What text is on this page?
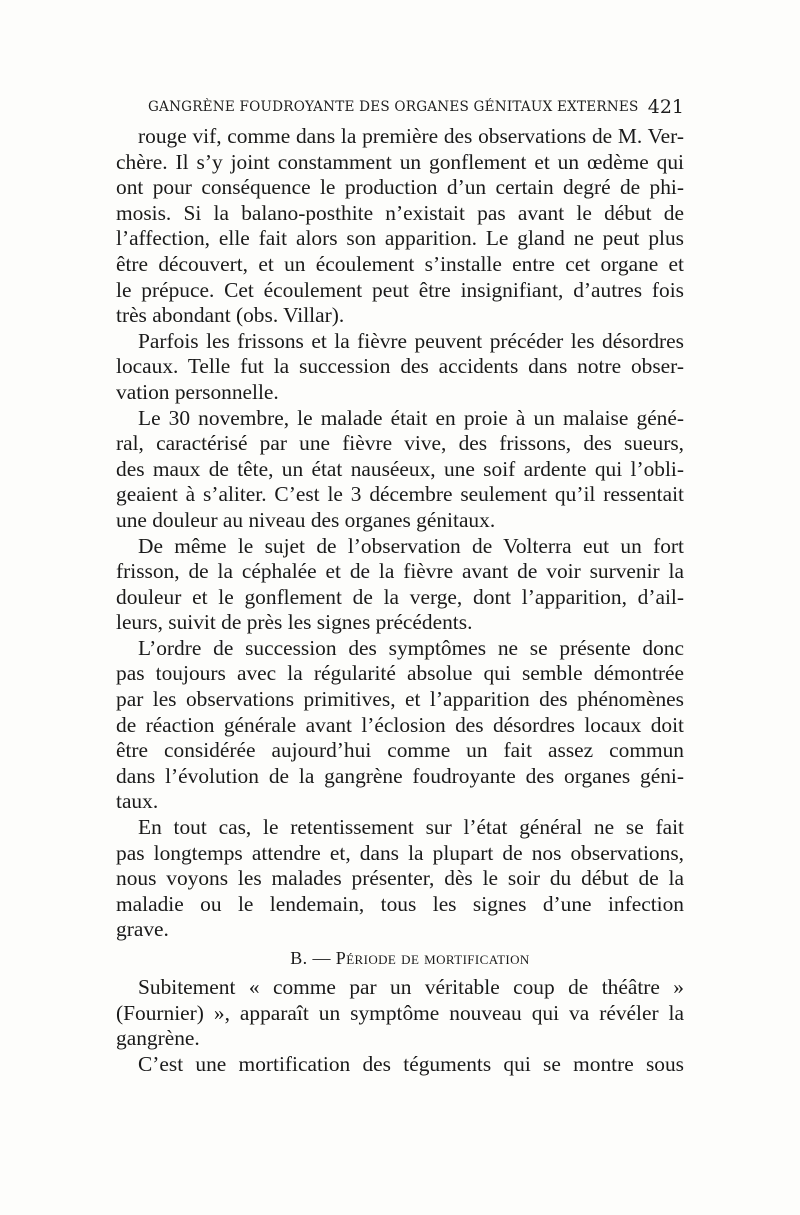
GANGRÈNE FOUDROYANTE DES ORGANES GÉNITAUX EXTERNES 421
rouge vif, comme dans la première des observations de M. Ver-
chère. Il s’y joint constamment un gonflement et un œdème qui
ont pour conséquence le production d’un certain degré de phi-
mosis. Si la balano-posthite n’existait pas avant le début de
l’affection, elle fait alors son apparition. Le gland ne peut plus
être découvert, et un écoulement s’installe entre cet organe et
le prépuce. Cet écoulement peut être insignifiant, d’autres fois
très abondant (obs. Villar).
Parfois les frissons et la fièvre peuvent précéder les désordres
locaux. Telle fut la succession des accidents dans notre obser-
vation personnelle.
Le 30 novembre, le malade était en proie à un malaise géné-
ral, caractérisé par une fièvre vive, des frissons, des sueurs,
des maux de tête, un état nauséeux, une soif ardente qui l’obli-
geaient à s’aliter. C’est le 3 décembre seulement qu’il ressentait
une douleur au niveau des organes génitaux.
De même le sujet de l’observation de Volterra eut un fort
frisson, de la céphalée et de la fièvre avant de voir survenir la
douleur et le gonflement de la verge, dont l’apparition, d’ail-
leurs, suivit de près les signes précédents.
L’ordre de succession des symptômes ne se présente donc
pas toujours avec la régularité absolue qui semble démontrée
par les observations primitives, et l’apparition des phénomènes
de réaction générale avant l’éclosion des désordres locaux doit
être considérée aujourd’hui comme un fait assez commun
dans l’évolution de la gangrène foudroyante des organes géni-
taux.
En tout cas, le retentissement sur l’état général ne se fait
pas longtemps attendre et, dans la plupart de nos observations,
nous voyons les malades présenter, dès le soir du début de la
maladie ou le lendemain, tous les signes d’une infection
grave.
B. — Période de mortification
Subitement « comme par un véritable coup de théâtre »
(Fournier) », apparaît un symptôme nouveau qui va révéler la
gangrène.
C’est une mortification des téguments qui se montre sous
